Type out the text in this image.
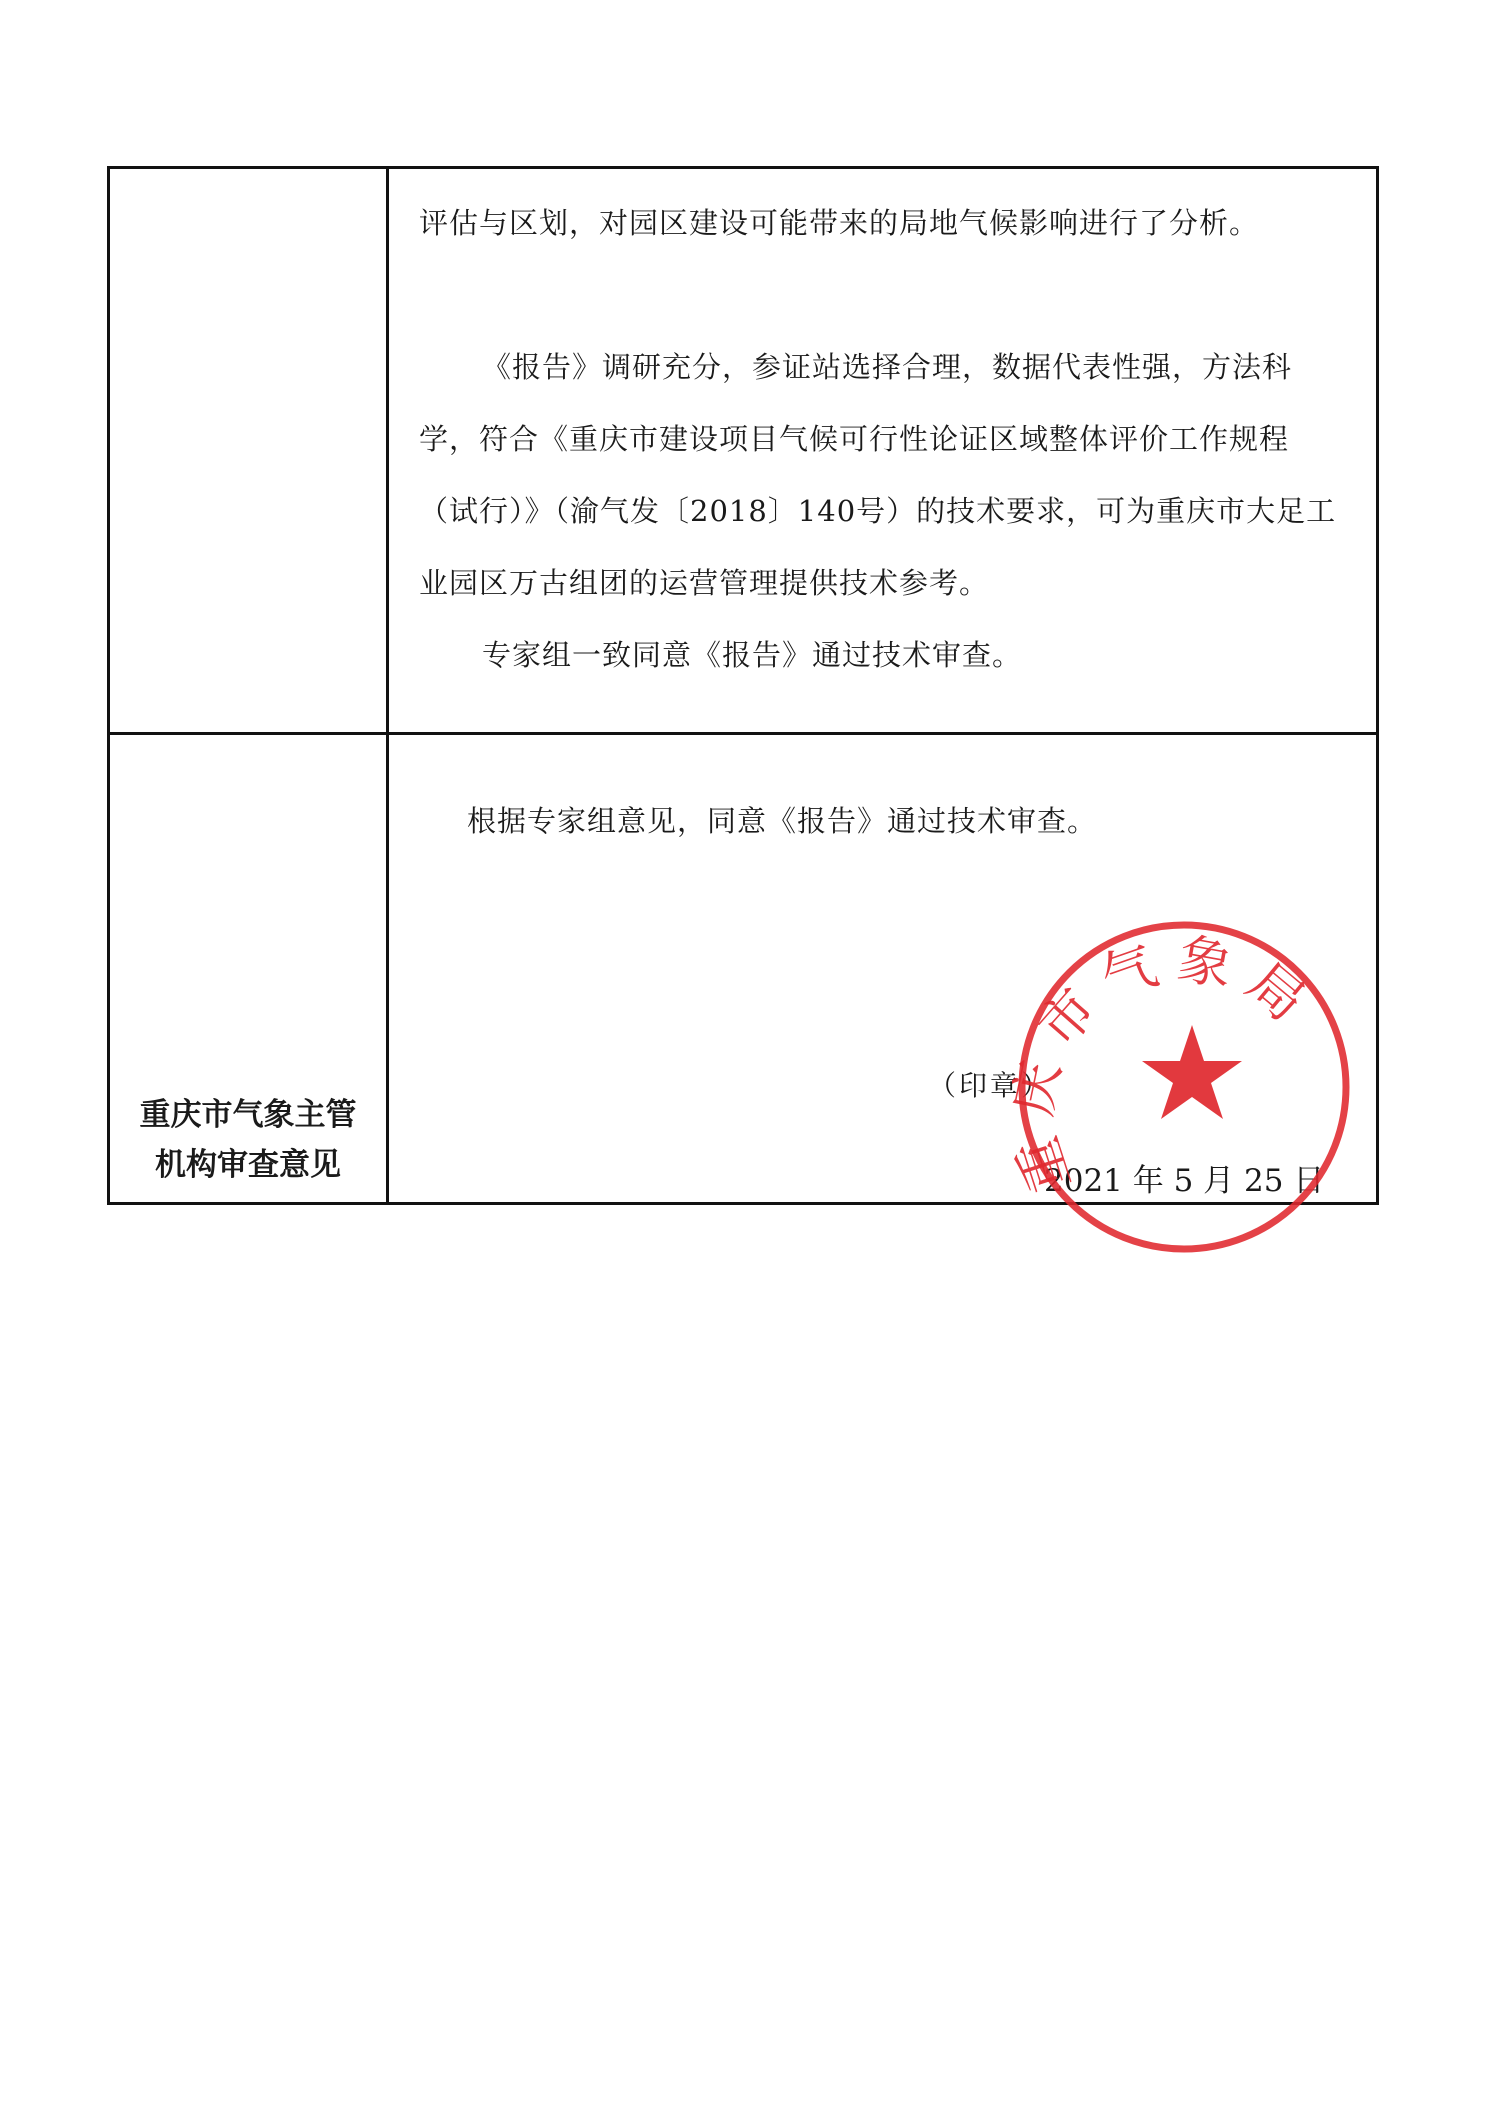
评估与区划，对园区建设可能带来的局地气候影响进行了分析。

《报告》调研充分，参证站选择合理，数据代表性强，方法科学，符合《重庆市建设项目气候可行性论证区域整体评价工作规程（试行）》（渝气发〔2018〕140号）的技术要求，可为重庆市大足工业园区万古组团的运营管理提供技术参考。

专家组一致同意《报告》通过技术审查。

重庆市气象主管
机构审查意见

根据专家组意见，同意《报告》通过技术审查。

（印章）
2021 年 5 月 25 日
市气象局
